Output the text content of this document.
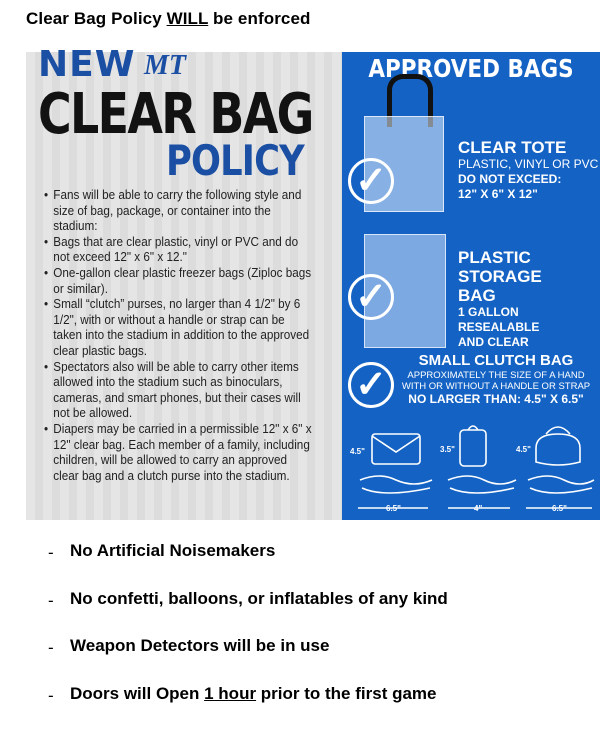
Clear Bag Policy WILL be enforced
NEW MT
CLEAR BAG
POLICY
• Fans will be able to carry the following style and size of bag, package, or container into the stadium:
• Bags that are clear plastic, vinyl or PVC and do not exceed 12" x 6" x 12."
• One-gallon clear plastic freezer bags (Ziploc bags or similar).
• Small “clutch” purses, no larger than 4 1/2" by 6 1/2", with or without a handle or strap can be taken into the stadium in addition to the approved clear plastic bags.
• Spectators also will be able to carry other items allowed into the stadium such as binoculars, cameras, and smart phones, but their cases will not be allowed.
• Diapers may be carried in a permissible 12" x 6" x 12" clear bag. Each member of a family, including children, will be allowed to carry an approved clear bag and a clutch purse into the stadium.
APPROVED BAGS
✓
CLEAR TOTE
PLASTIC, VINYL OR PVC
DO NOT EXCEED:
12" X 6" X 12"
✓
PLASTIC STORAGE
BAG
1 GALLON RESEALABLE
AND CLEAR
✓
SMALL CLUTCH BAG
APPROXIMATELY THE SIZE OF A HAND
WITH OR WITHOUT A HANDLE OR STRAP
NO LARGER THAN: 4.5" X 6.5"
4.5"	3.5"	4.5"
6.5"	4"	6.5"
- No Artificial Noisemakers
- No confetti, balloons, or inflatables of any kind
- Weapon Detectors will be in use
- Doors will Open 1 hour prior to the first game
